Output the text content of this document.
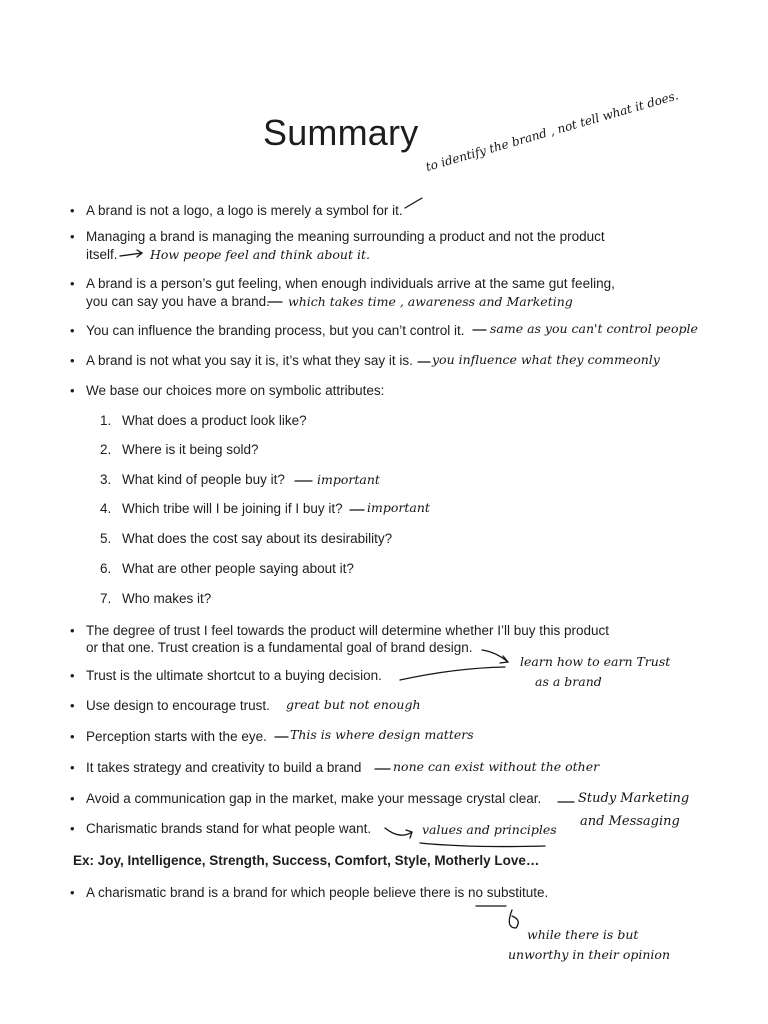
Summary
• A brand is not a logo, a logo is merely a symbol for it.
• Managing a brand is managing the meaning surrounding a product and not the product
itself.
• A brand is a person’s gut feeling, when enough individuals arrive at the same gut feeling,
you can say you have a brand.
• You can influence the branding process, but you can’t control it.
• A brand is not what you say it is, it’s what they say it is.
• We base our choices more on symbolic attributes:
1. What does a product look like?
2. Where is it being sold?
3. What kind of people buy it?
4. Which tribe will I be joining if I buy it?
5. What does the cost say about its desirability?
6. What are other people saying about it?
7. Who makes it?
• The degree of trust I feel towards the product will determine whether I’ll buy this product
or that one. Trust creation is a fundamental goal of brand design.
• Trust is the ultimate shortcut to a buying decision.
• Use design to encourage trust.
• Perception starts with the eye.
• It takes strategy and creativity to build a brand
• Avoid a communication gap in the market, make your message crystal clear.
• Charismatic brands stand for what people want.
Ex: Joy, Intelligence, Strength, Success, Comfort, Style, Motherly Love…
• A charismatic brand is a brand for which people believe there is no substitute.
to identify the brand , not tell what it does.
How peope feel and think about it.
which takes time , awareness and Marketing
same as you can't control people
you influence what they commeonly
important
important
learn how to earn Trust
as a brand
great but not enough
This is where design matters
none can exist without the other
Study Marketing
and Messaging
values and principles
while there is but
unworthy in their opinion
